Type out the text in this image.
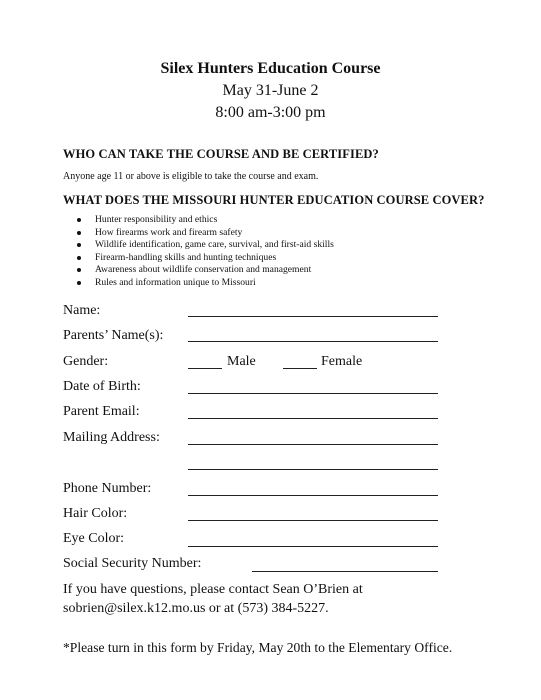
Silex Hunters Education Course
May 31-June 2
8:00 am-3:00 pm
WHO CAN TAKE THE COURSE AND BE CERTIFIED?
Anyone age 11 or above is eligible to take the course and exam.
WHAT DOES THE MISSOURI HUNTER EDUCATION COURSE COVER?
Hunter responsibility and ethics
How firearms work and firearm safety
Wildlife identification, game care, survival, and first-aid skills
Firearm-handling skills and hunting techniques
Awareness about wildlife conservation and management
Rules and information unique to Missouri
Name:
Parents’ Name(s):
Gender:	Male	Female
Date of Birth:
Parent Email:
Mailing Address:
Phone Number:
Hair Color:
Eye Color:
Social Security Number:
If you have questions, please contact Sean O’Brien at
sobrien@silex.k12.mo.us or at (573) 384-5227.
*Please turn in this form by Friday, May 20th to the Elementary Office.
